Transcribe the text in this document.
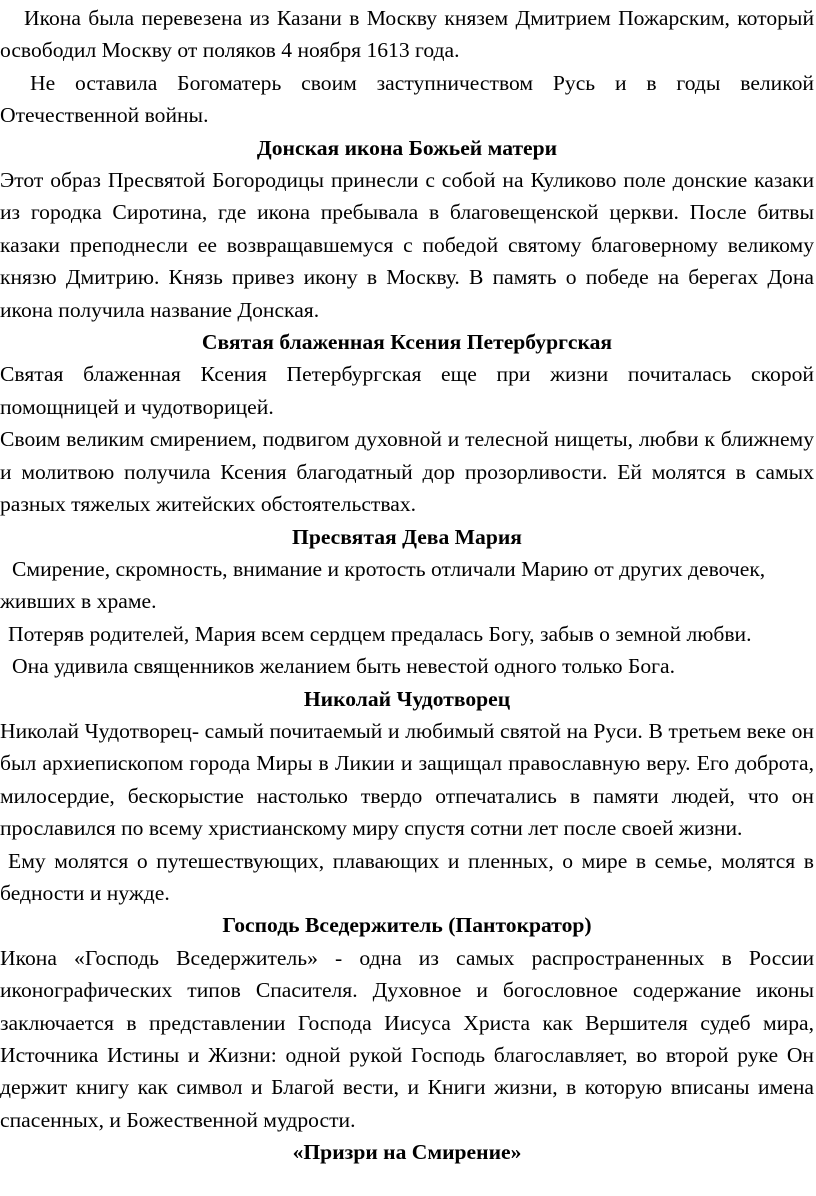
Икона была перевезена из Казани в Москву князем Дмитрием Пожарским, который освободил Москву от поляков 4 ноября 1613 года.

Не оставила Богоматерь своим заступничеством Русь и в годы великой Отечественной войны.

Донская икона Божьей матери

Этот образ Пресвятой Богородицы принесли с собой на Куликово поле донские казаки из городка Сиротина, где икона пребывала в благовещенской церкви. После битвы казаки преподнесли ее возвращавшемуся с победой святому благоверному великому князю Дмитрию. Князь привез икону в Москву. В память о победе на берегах Дона икона получила название Донская.

Святая блаженная Ксения Петербургская

Святая блаженная Ксения Петербургская еще при жизни почиталась скорой помощницей и чудотворицей.

Своим великим смирением, подвигом духовной и телесной нищеты, любви к ближнему и молитвою получила Ксения благодатный дор прозорливости. Ей молятся в самых разных тяжелых житейских обстоятельствах.

Пресвятая Дева Мария

Смирение, скромность, внимание и кротость отличали Марию от других девочек, живших в храме.

Потеряв родителей, Мария всем сердцем предалась Богу, забыв о земной любви.

Она удивила священников желанием быть невестой одного только Бога.

Николай Чудотворец

Николай Чудотворец- самый почитаемый и любимый святой на Руси. В третьем веке он был архиепископом города Миры в Ликии и защищал православную веру. Его доброта, милосердие, бескорыстие настолько твердо отпечатались в памяти людей, что он прославился по всему христианскому миру спустя сотни лет после своей жизни.

Ему молятся о путешествующих, плавающих и пленных, о мире в семье, молятся в бедности и нужде.

Господь Вседержитель (Пантократор)

Икона «Господь Вседержитель» - одна из самых распространенных в России иконографических типов Спасителя. Духовное и богословное содержание иконы заключается в представлении Господа Иисуса Христа как Вершителя судеб мира, Источника Истины и Жизни: одной рукой Господь благославляет, во второй руке Он держит книгу как символ и Благой вести, и Книги жизни, в которую вписаны имена спасенных, и Божественной мудрости.

«Призри на Смирение»
